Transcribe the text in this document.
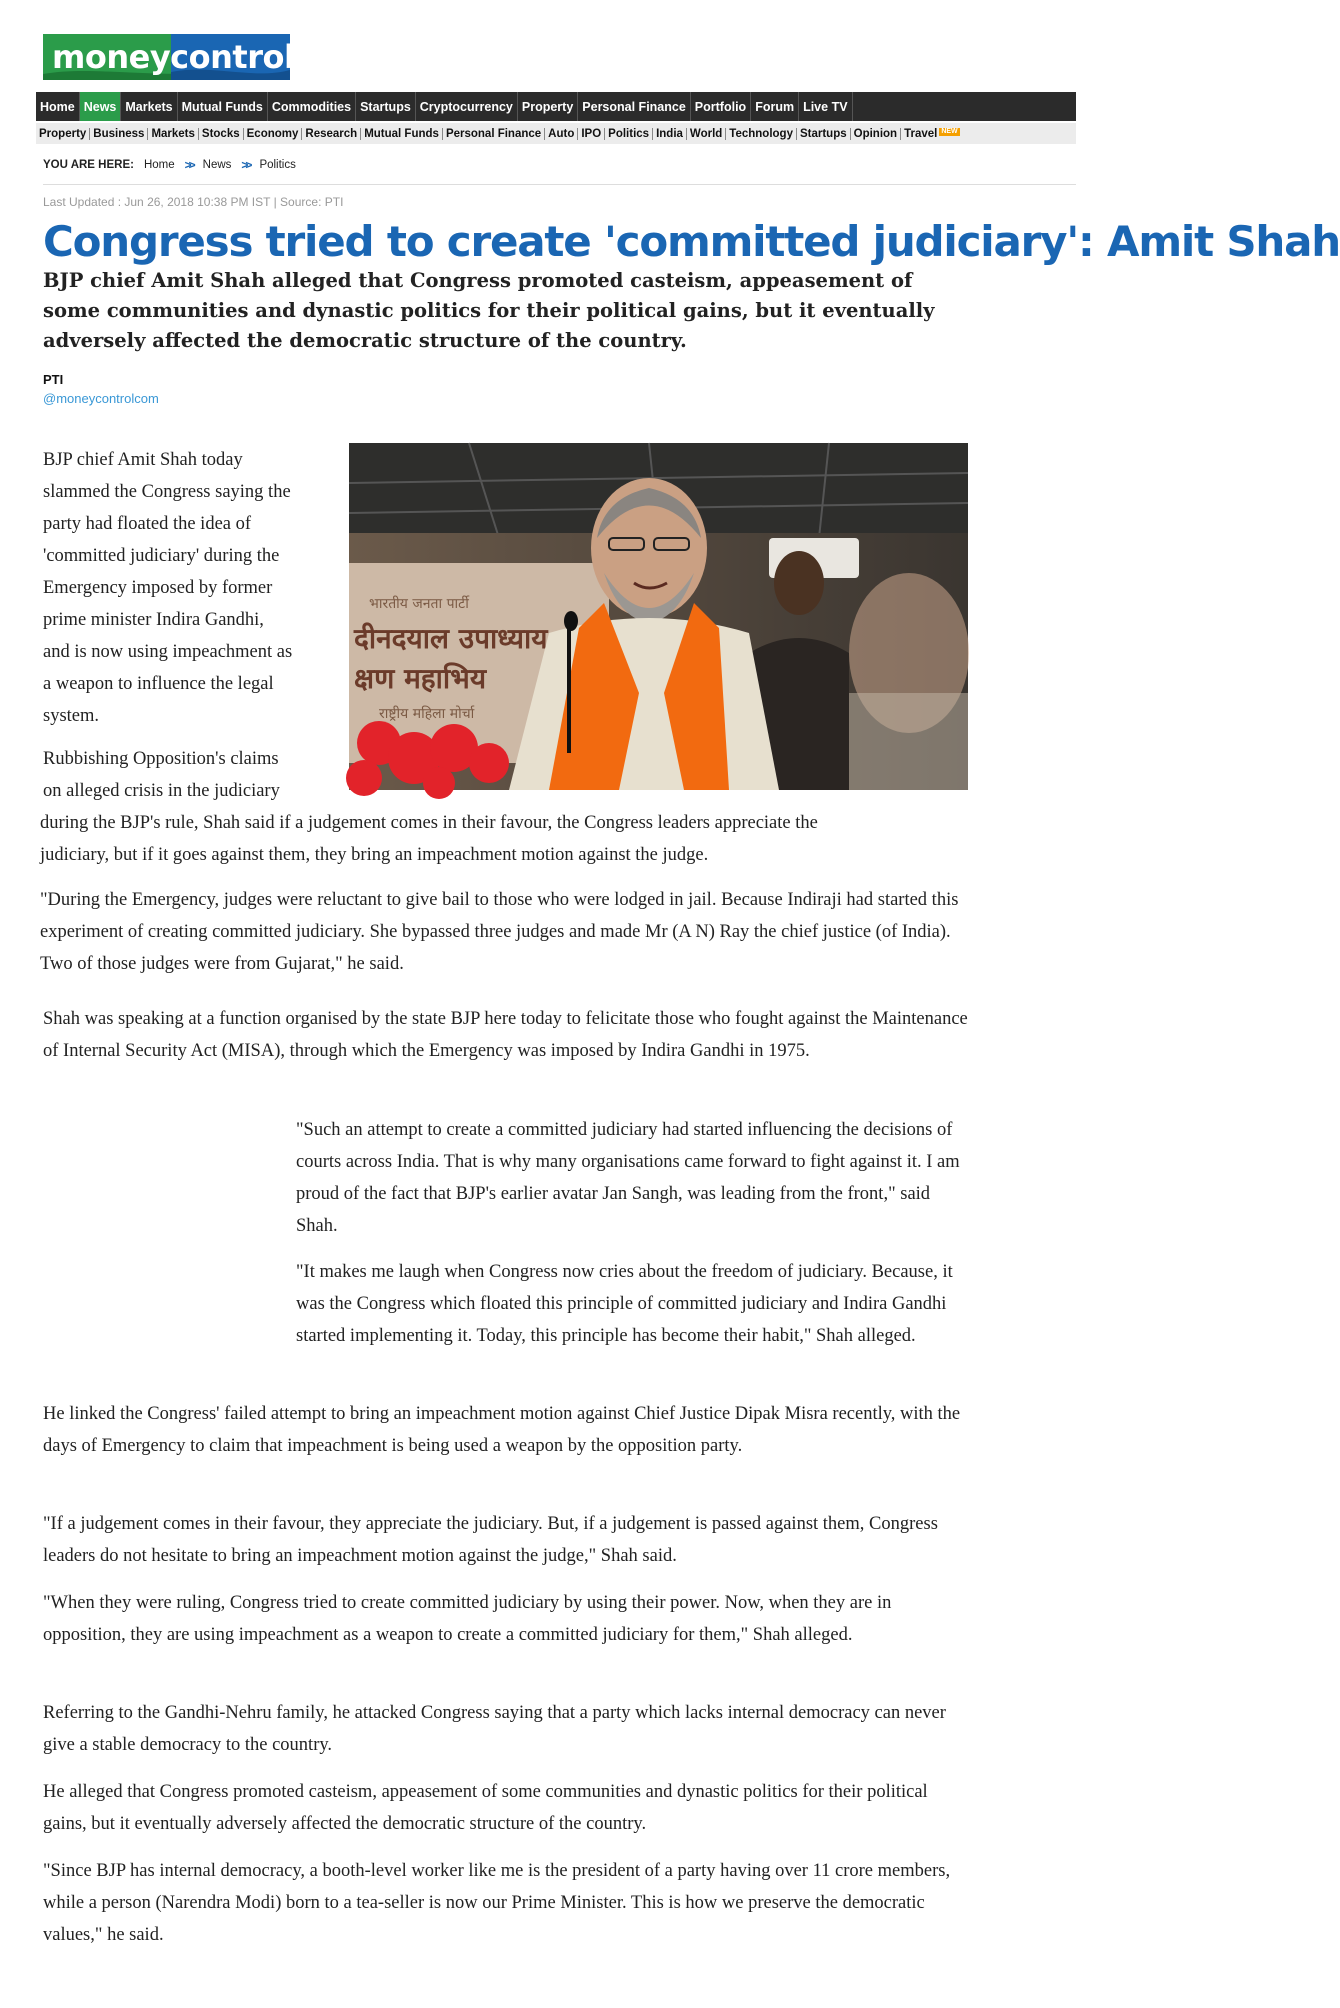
moneycontrol
Home News Markets Mutual Funds Commodities Startups Cryptocurrency Property Personal Finance Portfolio Forum Live TV
Property Business Markets Stocks Economy Research Mutual Funds Personal Finance Auto IPO Politics India World Technology Startups Opinion Travel NEW
YOU ARE HERE: Home >> News >> Politics
Last Updated : Jun 26, 2018 10:38 PM IST | Source: PTI
Congress tried to create 'committed judiciary': Amit Shah

BJP chief Amit Shah alleged that Congress promoted casteism, appeasement of some communities and dynastic politics for their political gains, but it eventually adversely affected the democratic structure of the country.

PTI
@moneycontrolcom
भारतीय जनता पार्टी
दीनदयाल उपाध्याय
क्षण महाभिय
राष्ट्रीय महिला मोर्चा

BJP chief Amit Shah today
slammed the Congress saying the
party had floated the idea of
'committed judiciary' during the
Emergency imposed by former
prime minister Indira Gandhi,
and is now using impeachment as
a weapon to influence the legal
system.

Rubbishing Opposition's claims
on alleged crisis in the judiciary

during the BJP's rule, Shah said if a judgement comes in their favour, the Congress leaders appreciate the
judiciary, but if it goes against them, they bring an impeachment motion against the judge.

"During the Emergency, judges were reluctant to give bail to those who were lodged in jail. Because Indiraji had started this experiment of creating committed judiciary. She bypassed three judges and made Mr (A N) Ray the chief justice (of India). Two of those judges were from Gujarat," he said.

Shah was speaking at a function organised by the state BJP here today to felicitate those who fought against the Maintenance of Internal Security Act (MISA), through which the Emergency was imposed by Indira Gandhi in 1975.

"Such an attempt to create a committed judiciary had started influencing the decisions of courts across India. That is why many organisations came forward to fight against it. I am proud of the fact that BJP's earlier avatar Jan Sangh, was leading from the front," said Shah.

"It makes me laugh when Congress now cries about the freedom of judiciary. Because, it was the Congress which floated this principle of committed judiciary and Indira Gandhi started implementing it. Today, this principle has become their habit," Shah alleged.

He linked the Congress' failed attempt to bring an impeachment motion against Chief Justice Dipak Misra recently, with the days of Emergency to claim that impeachment is being used a weapon by the opposition party.

"If a judgement comes in their favour, they appreciate the judiciary. But, if a judgement is passed against them, Congress leaders do not hesitate to bring an impeachment motion against the judge," Shah said.

"When they were ruling, Congress tried to create committed judiciary by using their power. Now, when they are in opposition, they are using impeachment as a weapon to create a committed judiciary for them," Shah alleged.

Referring to the Gandhi-Nehru family, he attacked Congress saying that a party which lacks internal democracy can never give a stable democracy to the country.

He alleged that Congress promoted casteism, appeasement of some communities and dynastic politics for their political gains, but it eventually adversely affected the democratic structure of the country.

"Since BJP has internal democracy, a booth-level worker like me is the president of a party having over 11 crore members, while a person (Narendra Modi) born to a tea-seller is now our Prime Minister. This is how we preserve the democratic values," he said.
